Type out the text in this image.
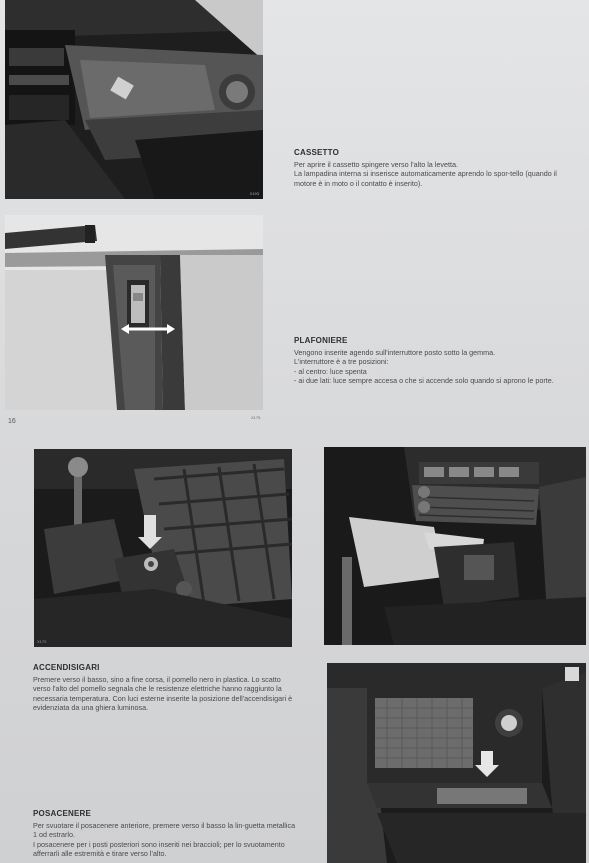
X193
X175
16
CASSETTO

Per aprire il cassetto spingere verso l'alto la levetta.

La lampadina interna si inserisce automaticamente aprendo lo spor-tello (quando il motore è in moto o il contatto è inserito).

PLAFONIERE

Vengono inserite agendo sull'interruttore posto sotto la gemma.

L'interruttore è a tre posizioni:

- al centro: luce spenta
- ai due lati: luce sempre accesa o che si accende solo quando si aprono le porte.
X170
ACCENDISIGARI

Premere verso il basso, sino a fine corsa, il pomello nero in plastica. Lo scatto verso l'alto del pomello segnala che le resistenze elettriche hanno raggiunto la necessaria temperatura. Con luci esterne inserite la posizione dell'accendisigari è evidenziata da una ghiera luminosa.

POSACENERE

Per svuotare il posacenere anteriore, premere verso il basso la lin-guetta metallica 1 od estrarlo.

I posacenere per i posti posteriori sono inseriti nei braccioli; per lo svuotamento afferrarli alle estremità e tirare verso l'alto.
